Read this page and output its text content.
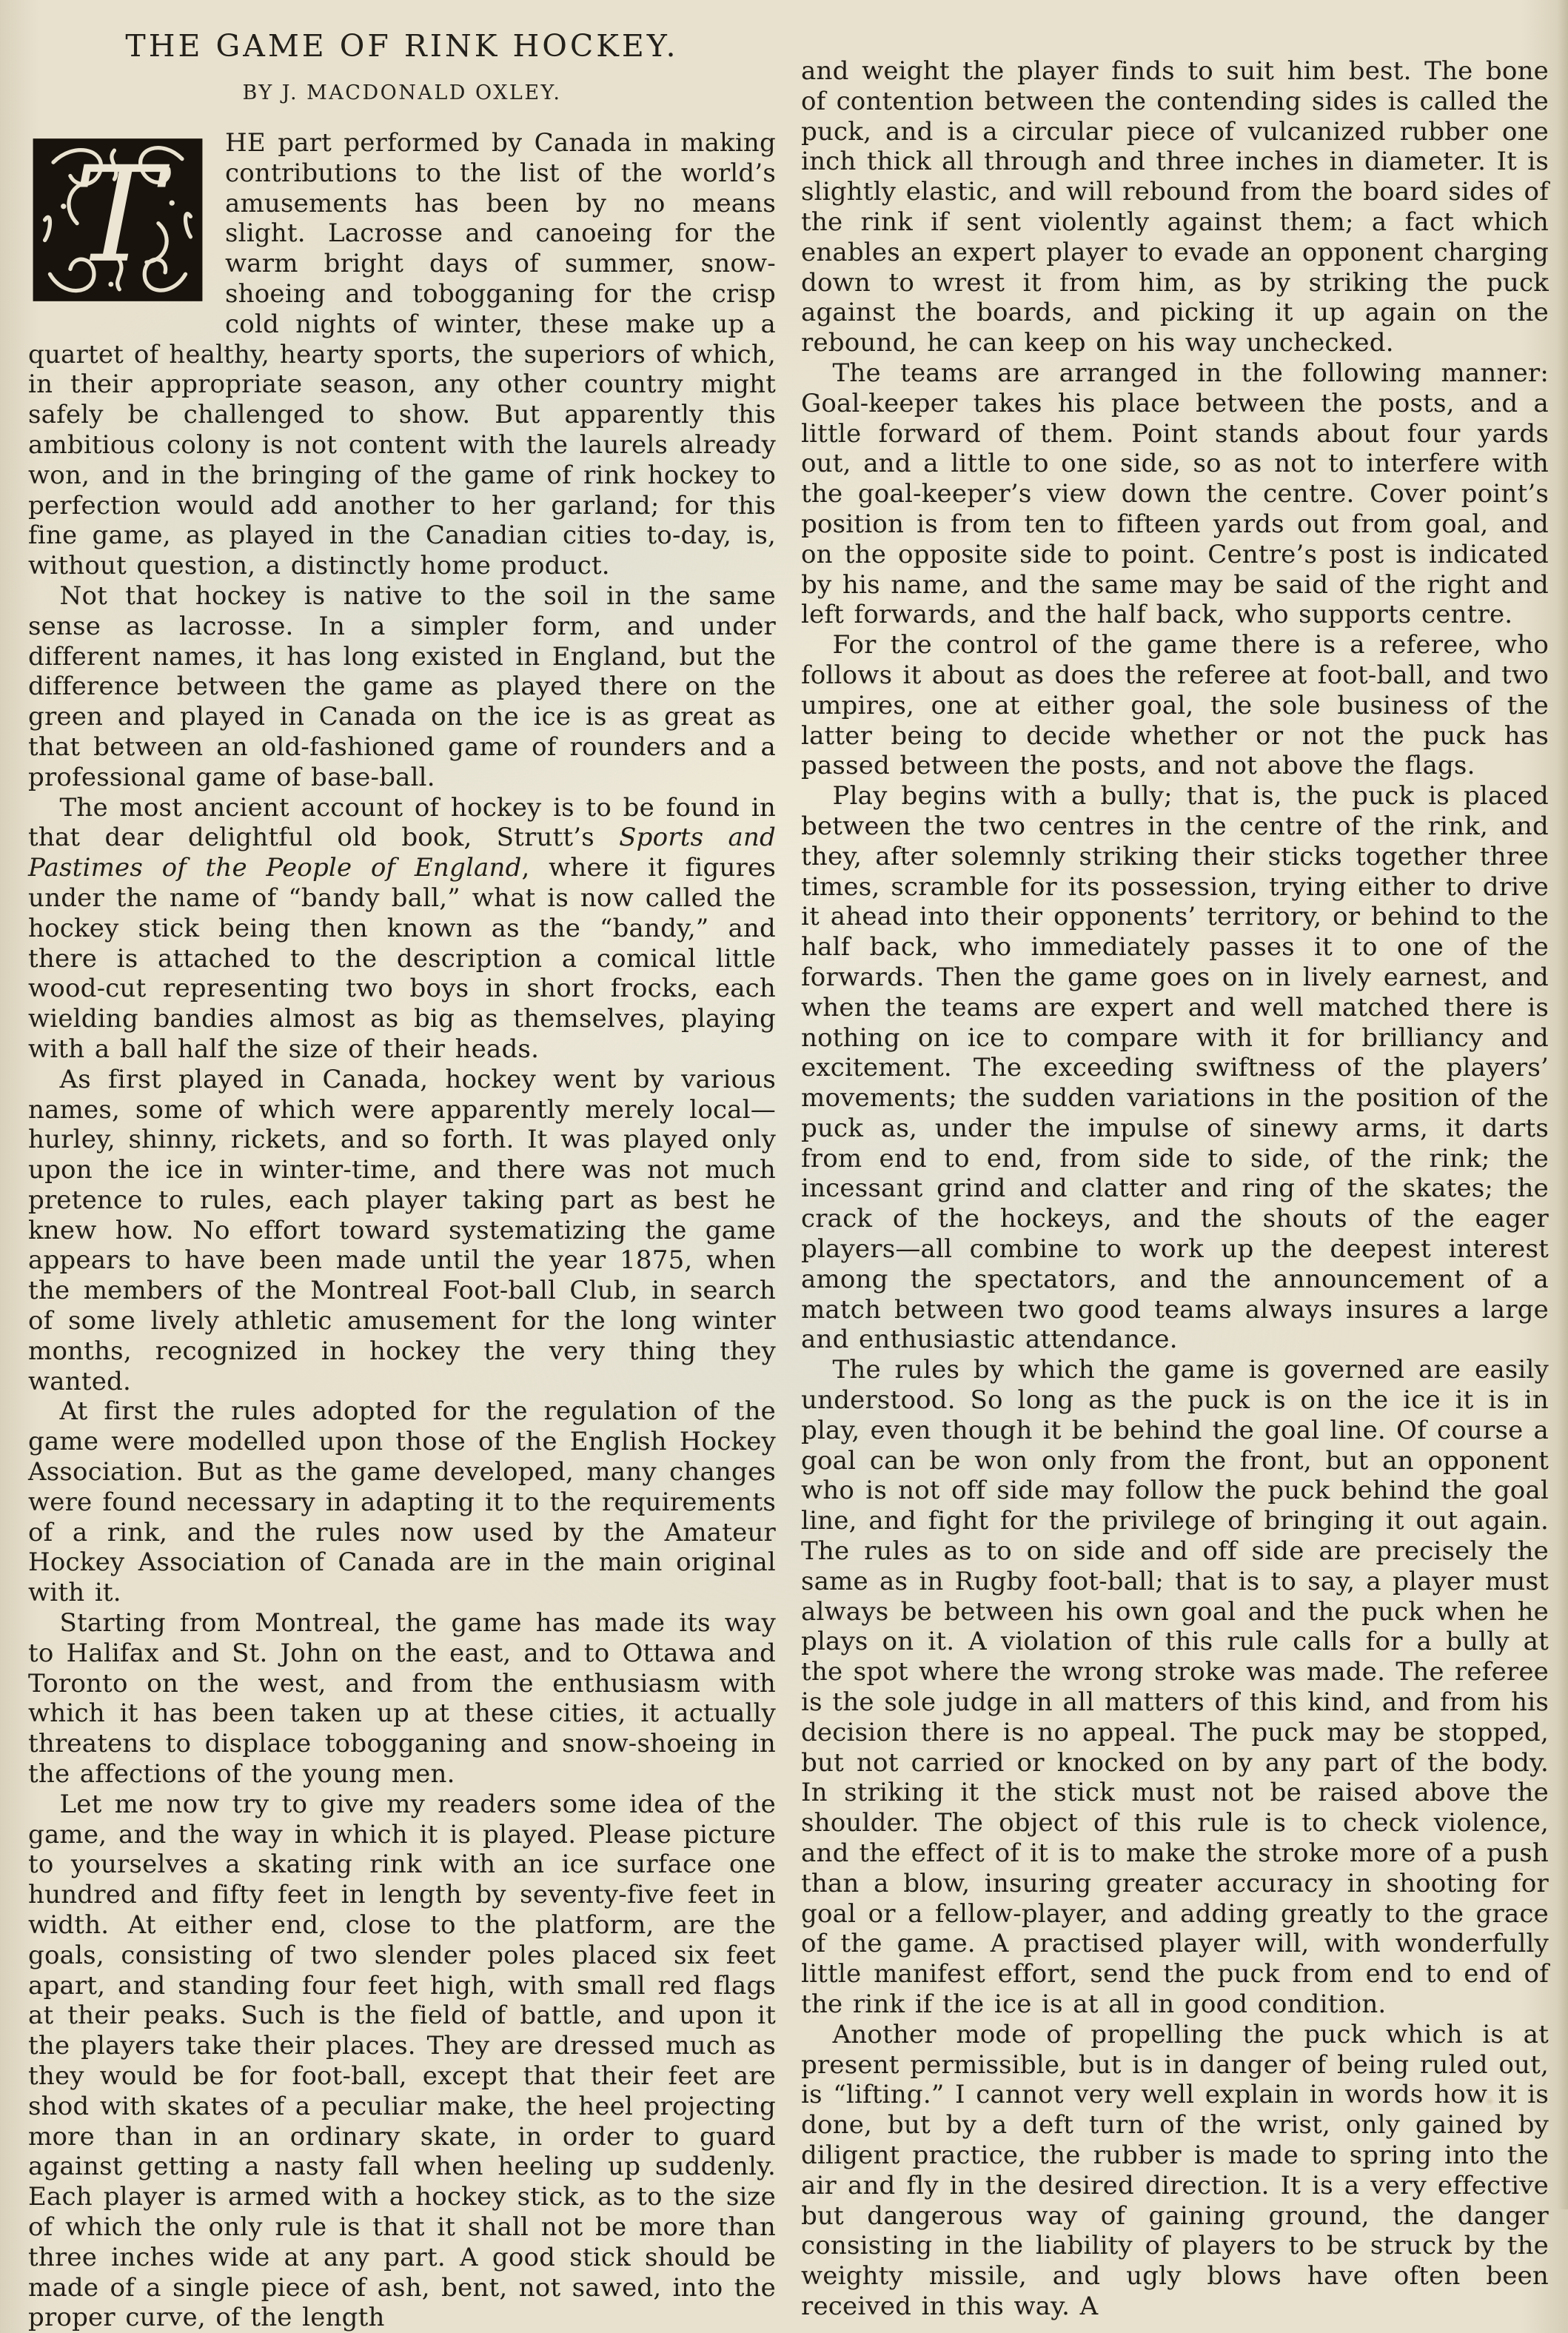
THE GAME OF RINK HOCKEY.
BY J. MACDONALD OXLEY.
T	HE part performed by Canada in making contributions to the list of the world’s amusements has been by no means slight. Lacrosse and canoeing for the warm bright days of summer, snow-shoeing and tobogganing for the crisp cold nights of winter, these make up a quartet of healthy, hearty sports, the superiors of which, in their appropriate season, any other country might safely be challenged to show. But apparently this ambitious colony is not content with the laurels already won, and in the bringing of the game of rink hockey to perfection would add another to her garland; for this fine game, as played in the Canadian cities to-day, is, without question, a distinctly home product.

Not that hockey is native to the soil in the same sense as lacrosse. In a simpler form, and under different names, it has long existed in England, but the difference between the game as played there on the green and played in Canada on the ice is as great as that between an old-fashioned game of rounders and a professional game of base-ball.

The most ancient account of hockey is to be found in that dear delightful old book, Strutt’s Sports and Pastimes of the People of England, where it figures under the name of “bandy ball,” what is now called the hockey stick being then known as the “bandy,” and there is attached to the description a comical little wood-cut representing two boys in short frocks, each wielding bandies almost as big as themselves, playing with a ball half the size of their heads.

As first played in Canada, hockey went by various names, some of which were apparently merely local—hurley, shinny, rickets, and so forth. It was played only upon the ice in winter-time, and there was not much pretence to rules, each player taking part as best he knew how. No effort toward systematizing the game appears to have been made until the year 1875, when the members of the Montreal Foot-ball Club, in search of some lively athletic amusement for the long winter months, recognized in hockey the very thing they wanted.

At first the rules adopted for the regulation of the game were modelled upon those of the English Hockey Association. But as the game developed, many changes were found necessary in adapting it to the requirements of a rink, and the rules now used by the Amateur Hockey Association of Canada are in the main original with it.

Starting from Montreal, the game has made its way to Halifax and St. John on the east, and to Ottawa and Toronto on the west, and from the enthusiasm with which it has been taken up at these cities, it actually threatens to displace tobogganing and snow-shoeing in the affections of the young men.

Let me now try to give my readers some idea of the game, and the way in which it is played. Please picture to yourselves a skating rink with an ice surface one hundred and fifty feet in length by seventy-five feet in width. At either end, close to the platform, are the goals, consisting of two slender poles placed six feet apart, and standing four feet high, with small red flags at their peaks. Such is the field of battle, and upon it the players take their places. They are dressed much as they would be for foot-ball, except that their feet are shod with skates of a peculiar make, the heel projecting more than in an ordinary skate, in order to guard against getting a nasty fall when heeling up suddenly. Each player is armed with a hockey stick, as to the size of which the only rule is that it shall not be more than three inches wide at any part. A good stick should be made of a single piece of ash, bent, not sawed, into the proper curve, of the length

and weight the player finds to suit him best. The bone of contention between the contending sides is called the puck, and is a circular piece of vulcanized rubber one inch thick all through and three inches in diameter. It is slightly elastic, and will rebound from the board sides of the rink if sent violently against them; a fact which enables an expert player to evade an opponent charging down to wrest it from him, as by striking the puck against the boards, and picking it up again on the rebound, he can keep on his way unchecked.

The teams are arranged in the following manner: Goal-keeper takes his place between the posts, and a little forward of them. Point stands about four yards out, and a little to one side, so as not to interfere with the goal-keeper’s view down the centre. Cover point’s position is from ten to fifteen yards out from goal, and on the opposite side to point. Centre’s post is indicated by his name, and the same may be said of the right and left forwards, and the half back, who supports centre.

For the control of the game there is a referee, who follows it about as does the referee at foot-ball, and two umpires, one at either goal, the sole business of the latter being to decide whether or not the puck has passed between the posts, and not above the flags.

Play begins with a bully; that is, the puck is placed between the two centres in the centre of the rink, and they, after solemnly striking their sticks together three times, scramble for its possession, trying either to drive it ahead into their opponents’ territory, or behind to the half back, who immediately passes it to one of the forwards. Then the game goes on in lively earnest, and when the teams are expert and well matched there is nothing on ice to compare with it for brilliancy and excitement. The exceeding swiftness of the players’ movements; the sudden variations in the position of the puck as, under the impulse of sinewy arms, it darts from end to end, from side to side, of the rink; the incessant grind and clatter and ring of the skates; the crack of the hockeys, and the shouts of the eager players—all combine to work up the deepest interest among the spectators, and the announcement of a match between two good teams always insures a large and enthusiastic attendance.

The rules by which the game is governed are easily understood. So long as the puck is on the ice it is in play, even though it be behind the goal line. Of course a goal can be won only from the front, but an opponent who is not off side may follow the puck behind the goal line, and fight for the privilege of bringing it out again. The rules as to on side and off side are precisely the same as in Rugby foot-ball; that is to say, a player must always be between his own goal and the puck when he plays on it. A violation of this rule calls for a bully at the spot where the wrong stroke was made. The referee is the sole judge in all matters of this kind, and from his decision there is no appeal. The puck may be stopped, but not carried or knocked on by any part of the body. In striking it the stick must not be raised above the shoulder. The object of this rule is to check violence, and the effect of it is to make the stroke more of a push than a blow, insuring greater accuracy in shooting for goal or a fellow-player, and adding greatly to the grace of the game. A practised player will, with wonderfully little manifest effort, send the puck from end to end of the rink if the ice is at all in good condition.

Another mode of propelling the puck which is at present permissible, but is in danger of being ruled out, is “lifting.” I cannot very well explain in words how it is done, but by a deft turn of the wrist, only gained by diligent practice, the rubber is made to spring into the air and fly in the desired direction. It is a very effective but dangerous way of gaining ground, the danger consisting in the liability of players to be struck by the weighty missile, and ugly blows have often been received in this way. A
